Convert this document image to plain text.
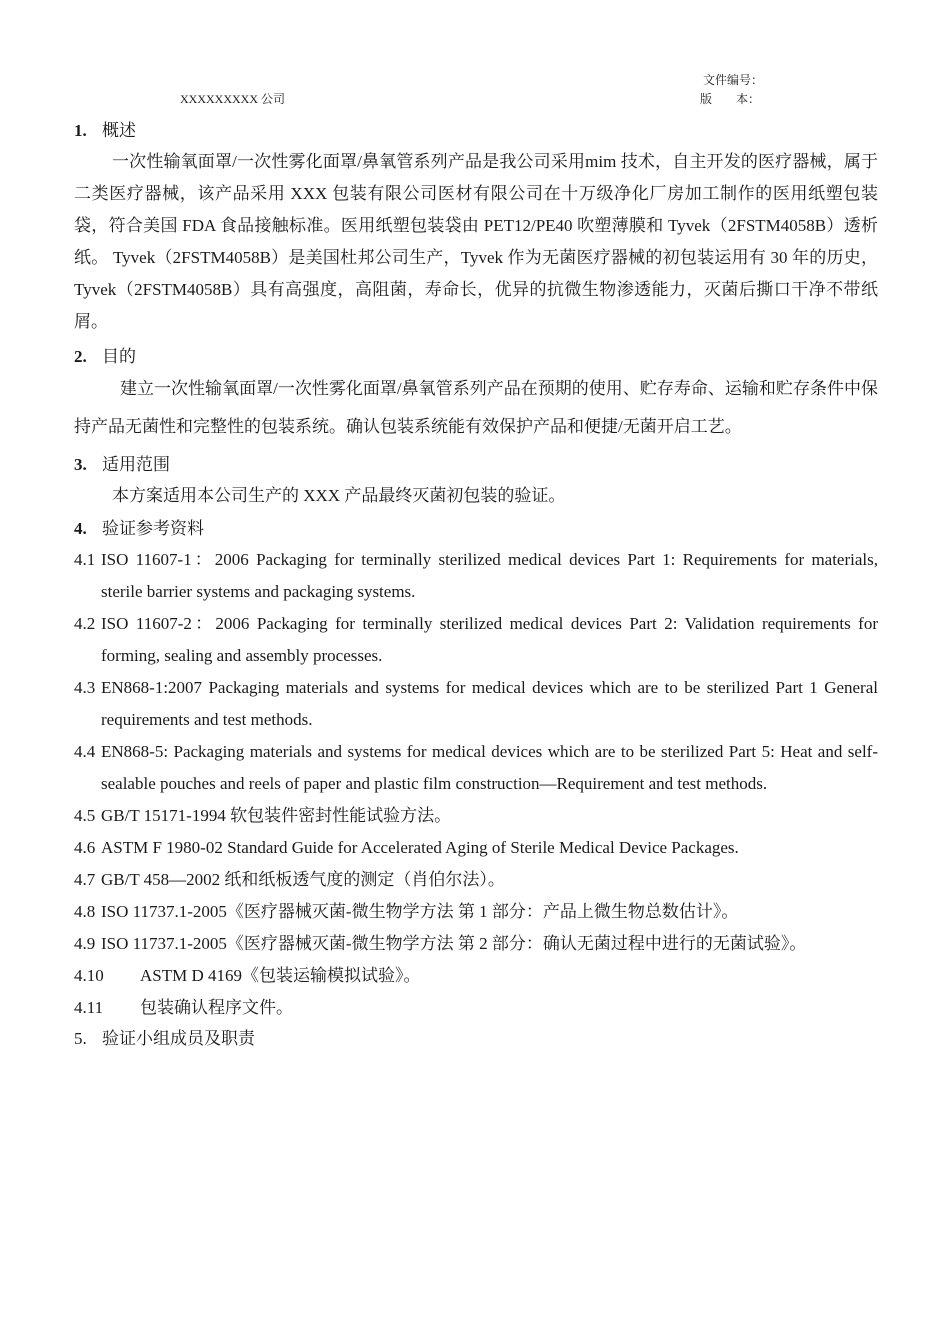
文件编号：
XXXXXXXXX 公司	版 本：
1. 概述

一次性输氧面罩/一次性雾化面罩/鼻氧管系列产品是我公司采用mim 技术，自主开发的医疗器械，属于二类医疗器械，该产品采用 XXX 包装有限公司医材有限公司在十万级净化厂房加工制作的医用纸塑包装袋，符合美国 FDA 食品接触标准。医用纸塑包装袋由 PET12/PE40 吹塑薄膜和 Tyvek（2FSTM4058B）透析纸。 Tyvek（2FSTM4058B）是美国杜邦公司生产，Tyvek 作为无菌医疗器械的初包装运用有 30 年的历史，Tyvek（2FSTM4058B）具有高强度，高阻菌，寿命长，优异的抗微生物渗透能力，灭菌后撕口干净不带纸屑。

2. 目的

建立一次性输氧面罩/一次性雾化面罩/鼻氧管系列产品在预期的使用、贮存寿命、运输和贮存条件中保持产品无菌性和完整性的包装系统。确认包装系统能有效保护产品和便捷/无菌开启工艺。

3. 适用范围

本方案适用本公司生产的 XXX 产品最终灭菌初包装的验证。

4. 验证参考资料
4.1 ISO 11607-1：2006 Packaging for terminally sterilized medical devices Part 1: Requirements for materials, sterile barrier systems and packaging systems.
4.2 ISO 11607-2：2006 Packaging for terminally sterilized medical devices Part 2: Validation requirements for forming, sealing and assembly processes.
4.3 EN868-1:2007 Packaging materials and systems for medical devices which are to be sterilized Part 1 General requirements and test methods.
4.4 EN868-5: Packaging materials and systems for medical devices which are to be sterilized Part 5: Heat and self-sealable pouches and reels of paper and plastic film construction—Requirement and test methods.
4.5 GB/T 15171-1994 软包装件密封性能试验方法。
4.6 ASTM F 1980-02 Standard Guide for Accelerated Aging of Sterile Medical Device Packages.
4.7 GB/T 458—2002 纸和纸板透气度的测定（肖伯尔法）。
4.8 ISO 11737.1-2005《医疗器械灭菌-微生物学方法 第 1 部分：产品上微生物总数估计》。
4.9 ISO 11737.1-2005《医疗器械灭菌-微生物学方法 第 2 部分：确认无菌过程中进行的无菌试验》。
4.10	ASTM D 4169《包装运输模拟试验》。
4.11	包装确认程序文件。
5. 验证小组成员及职责
